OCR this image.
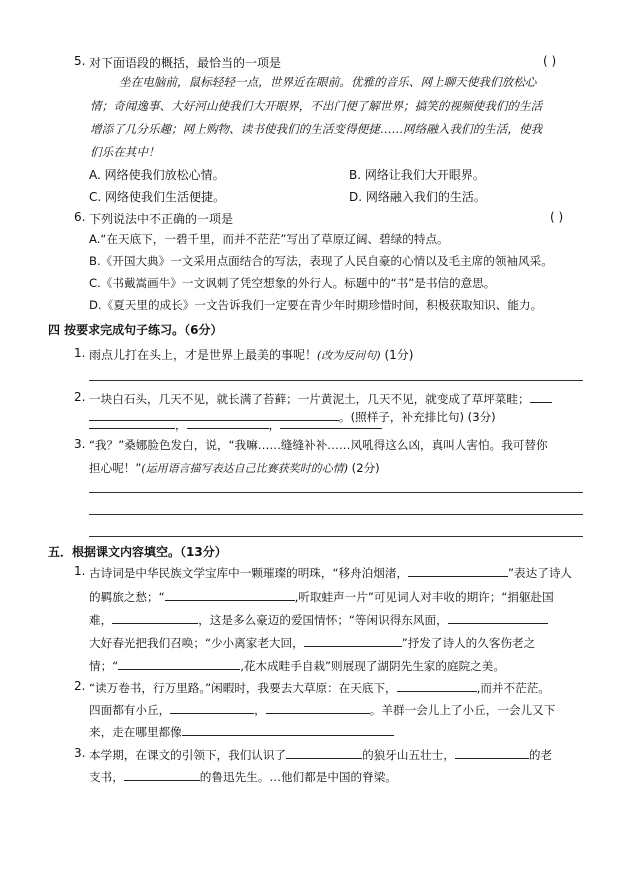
5. 对下面语段的概括，最恰当的一项是	( )
坐在电脑前，鼠标轻轻一点，世界近在眼前。优雅的音乐、网上聊天使我们放松心
情；奇闻逸事、大好河山使我们大开眼界，不出门便了解世界；搞笑的视频使我们的生活
增添了几分乐趣；网上购物、读书使我们的生活变得便捷……网络融入我们的生活，使我
们乐在其中！
A. 网络使我们放松心情。	B. 网络让我们大开眼界。
C. 网络使我们生活便捷。	D. 网络融入我们的生活。
6. 下列说法中不正确的一项是	( )
A.“在天底下，一碧千里，而并不茫茫”写出了草原辽阔、碧绿的特点。
B.《开国大典》一文采用点面结合的写法，表现了人民自豪的心情以及毛主席的领袖风采。
C.《书戴嵩画牛》一文讽刺了凭空想象的外行人。标题中的“书”是书信的意思。
D.《夏天里的成长》一文告诉我们一定要在青少年时期珍惜时间，积极获取知识、能力。
四 按要求完成句子练习。（6分）
1. 雨点儿打在头上，才是世界上最美的事呢！(改为反问句) (1分)
2. 一块白石头，几天不见，就长满了苔藓；一片黄泥土，几天不见，就变成了草坪菜畦；
。(照样子，补充排比句) (3分)
，	，
3. “我？”桑娜脸色发白，说，“我嘛……缝缝补补……风吼得这么凶，真叫人害怕。我可替你
担心呢！”(运用语言描写表达自己比赛获奖时的心情) (2分)
五．根据课文内容填空。（13分）
1. 古诗词是中华民族文学宝库中一颗璀璨的明珠，“移舟泊烟渚，	”表达了诗人
的羁旅之愁；“	,听取蛙声一片”可见词人对丰收的期许；“捐躯赴国
难，	，这是多么豪迈的爱国情怀；“等闲识得东风面，
大好春光把我们召唤；“少小离家老大回，	”抒发了诗人的久客伤老之
情；“	,花木成畦手自栽”则展现了湖阴先生家的庭院之美。
2. “读万卷书，行万里路。”闲暇时，我要去大草原：在天底下，	,而并不茫茫。
四面都有小丘，	，	。羊群一会儿上了小丘，一会儿又下
来，走在哪里都像
3. 本学期，在课文的引领下，我们认识了	的狼牙山五壮士，	的老
支书，	的鲁迅先生。…他们都是中国的脊梁。
